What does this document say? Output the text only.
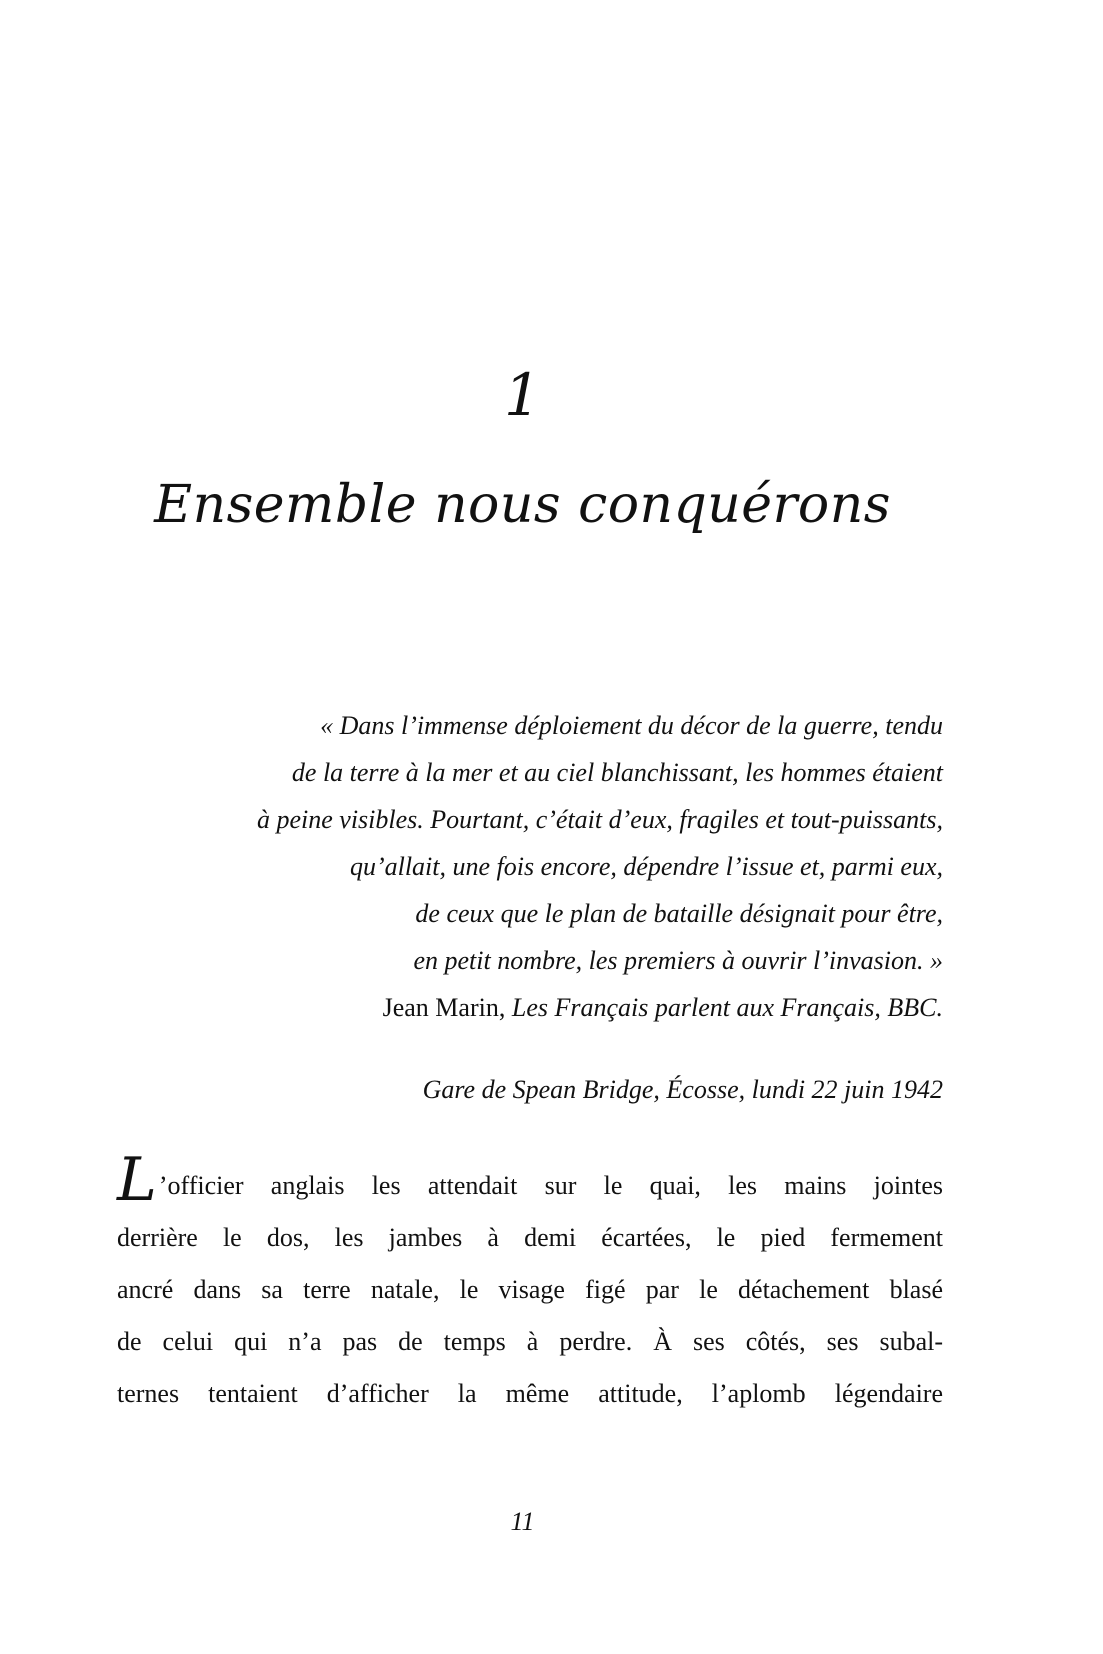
1
Ensemble nous conquérons
« Dans l’immense déploiement du décor de la guerre, tendu
de la terre à la mer et au ciel blanchissant, les hommes étaient
à peine visibles. Pourtant, c’était d’eux, fragiles et tout-puissants,
qu’allait, une fois encore, dépendre l’issue et, parmi eux,
de ceux que le plan de bataille désignait pour être,
en petit nombre, les premiers à ouvrir l’invasion. »
Jean Marin, Les Français parlent aux Français, BBC.
Gare de Spean Bridge, Écosse, lundi 22 juin 1942
L’officier anglais les attendait sur le quai, les mains jointes
derrière le dos, les jambes à demi écartées, le pied fermement
ancré dans sa terre natale, le visage figé par le détachement blasé
de celui qui n’a pas de temps à perdre. À ses côtés, ses subal-
ternes tentaient d’afficher la même attitude, l’aplomb légendaire
11
